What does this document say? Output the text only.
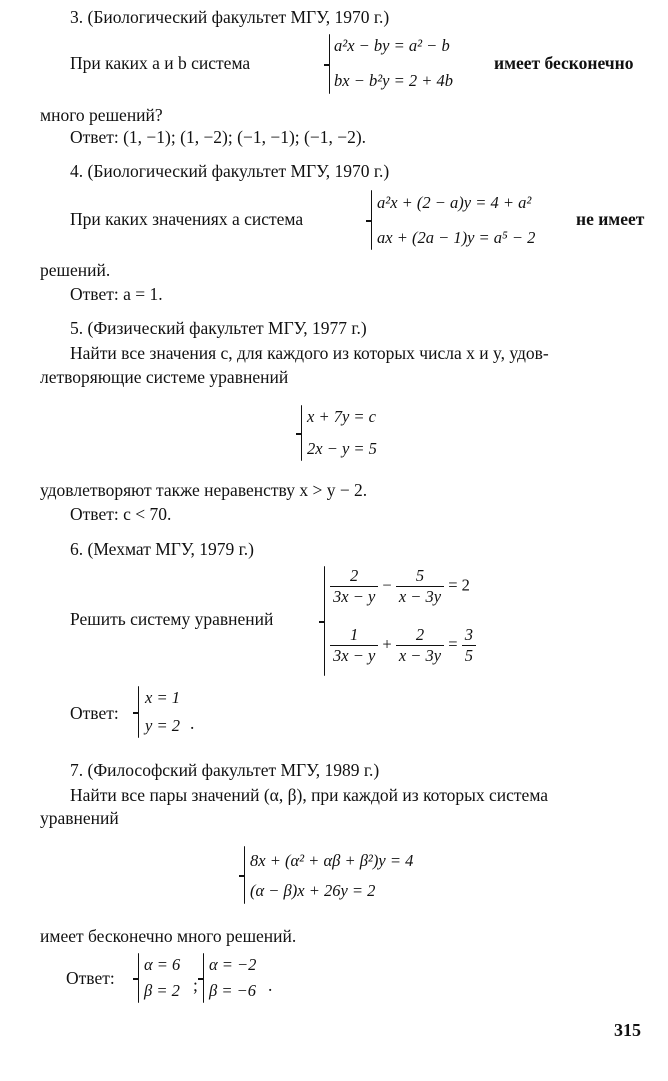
3. (Биологический факультет МГУ, 1970 г.)
При каких a и b система
a²x − by = a² − b
bx − b²y = 2 + 4b
имеет бесконечно
много решений?
Ответ: (1, −1); (1, −2); (−1, −1); (−1, −2).
4. (Биологический факультет МГУ, 1970 г.)
При каких значениях a система
a²x + (2 − a)y = 4 + a²
ax + (2a − 1)y = a⁵ − 2
не имеет
решений.
Ответ: a = 1.
5. (Физический факультет МГУ, 1977 г.)
Найти все значения c, для каждого из которых числа x и y, удов-
летворяющие системе уравнений
x + 7y = c
2x − y = 5
удовлетворяют также неравенству x > y − 2.
Ответ: c < 70.
6. (Мехмат МГУ, 1979 г.)
Решить систему уравнений
$\frac{2}{3x - y} - \frac{5}{x - 3y} = 2$
$\frac{1}{3x - y} + \frac{2}{x - 3y} = \frac{3}{5}$
Ответ:
x = 1
y = 2 .
7. (Философский факультет МГУ, 1989 г.)
Найти все пары значений (α, β), при каждой из которых система
уравнений
8x + (α² + αβ + β²)y = 4
(α − β)x + 26y = 2
имеет бесконечно много решений.
Ответ:
α = 6
β = 2 ;
α = −2
β = −6 .
315
